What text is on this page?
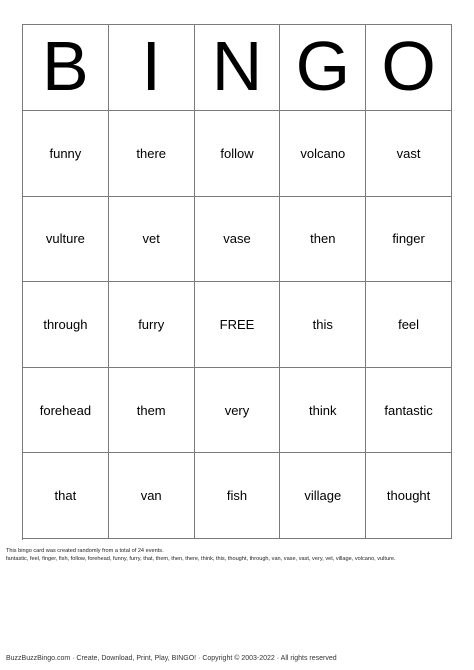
B I N G O
funny	there	follow	volcano	vast
vulture	vet	vase	then	finger
through	furry	FREE	this	feel
forehead	them	very	think	fantastic
that	van	fish	village	thought
This bingo card was created randomly from a total of 24 events.
fantastic, feel, finger, fish, follow, forehead, funny, furry, that, them, then, there, think, this, thought, through, van, vase, vast, very, vet, village, volcano, vulture.
BuzzBuzzBingo.com · Create, Download, Print, Play, BINGO! · Copyright © 2003-2022 · All rights reserved
